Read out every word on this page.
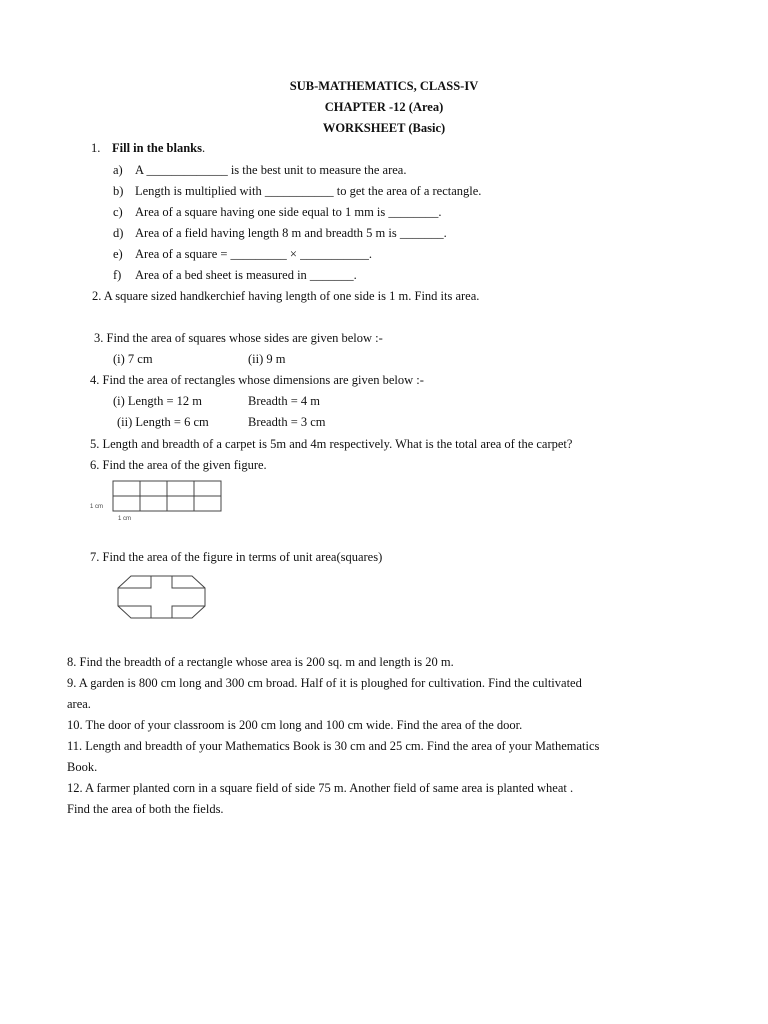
SUB-MATHEMATICS, CLASS-IV
CHAPTER -12 (Area)
WORKSHEET (Basic)
1. Fill in the blanks.
a) A _____________ is the best unit to measure the area.
b) Length is multiplied with ___________ to get the area of a rectangle.
c) Area of a square having one side equal to 1 mm is ________.
d) Area of a field having length 8 m and breadth 5 m is _______.
e) Area of a square = _________ × ___________.
f) Area of a bed sheet is measured in _______.
2. A square sized handkerchief having length of one side is 1 m. Find its area.
3. Find the area of squares whose sides are given below :-
(i) 7 cm	(ii) 9 m
4. Find the area of rectangles whose dimensions are given below :-
(i) Length = 12 m	Breadth = 4 m
(ii) Length = 6 cm	Breadth = 3 cm
5. Length and breadth of a carpet is 5m and 4m respectively. What is the total area of the carpet?
6. Find the area of the given figure.
1 cm
1 cm
7. Find the area of the figure in terms of unit area(squares)
8. Find the breadth of a rectangle whose area is 200 sq. m and length is 20 m.
9. A garden is 800 cm long and 300 cm broad. Half of it is ploughed for cultivation. Find the cultivated
area.
10. The door of your classroom is 200 cm long and 100 cm wide. Find the area of the door.
11. Length and breadth of your Mathematics Book is 30 cm and 25 cm. Find the area of your Mathematics
Book.
12. A farmer planted corn in a square field of side 75 m. Another field of same area is planted wheat .
Find the area of both the fields.
